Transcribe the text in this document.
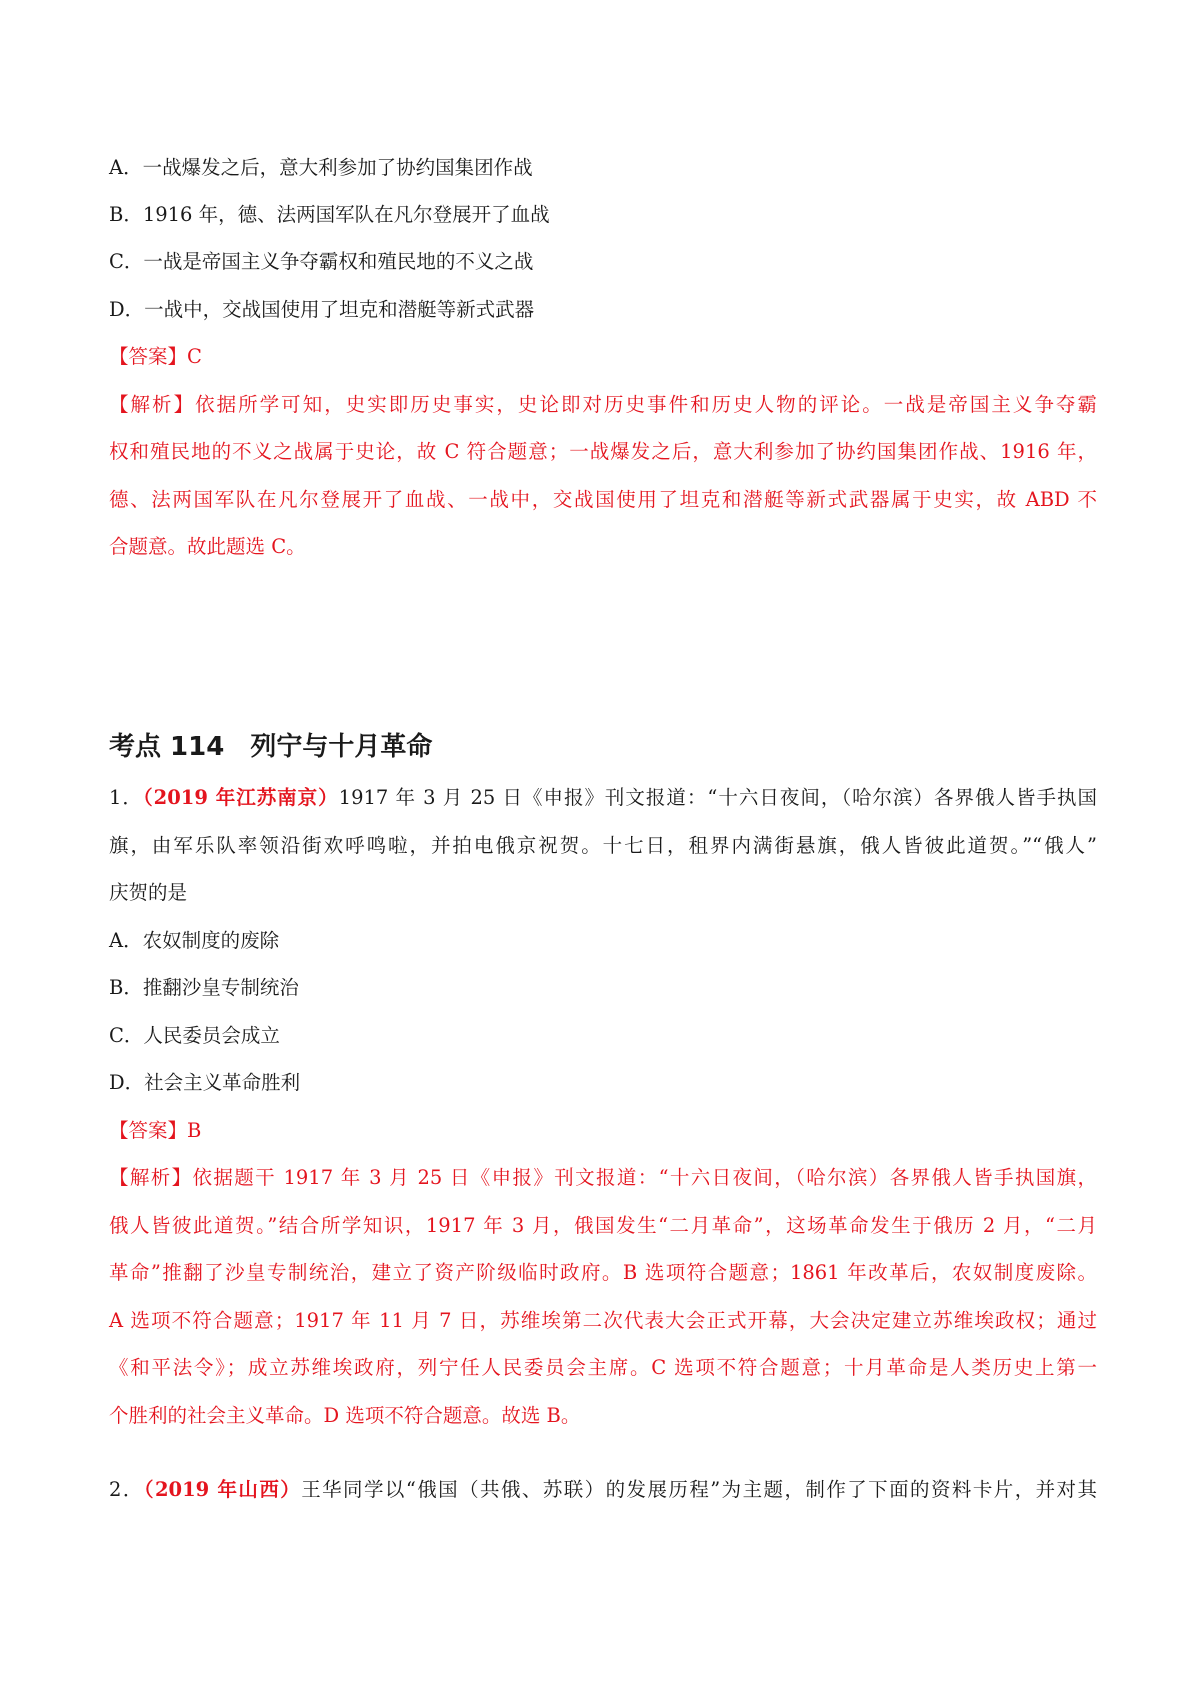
A．一战爆发之后，意大利参加了协约国集团作战
B．1916 年，德、法两国军队在凡尔登展开了血战
C．一战是帝国主义争夺霸权和殖民地的不义之战
D．一战中，交战国使用了坦克和潜艇等新式武器
【答案】C
【解析】依据所学可知，史实即历史事实，史论即对历史事件和历史人物的评论。一战是帝国主义争夺霸
权和殖民地的不义之战属于史论，故 C 符合题意；一战爆发之后，意大利参加了协约国集团作战、1916 年，
德、法两国军队在凡尔登展开了血战、一战中，交战国使用了坦克和潜艇等新式武器属于史实，故 ABD 不
合题意。故此题选 C。
考点 114 列宁与十月革命
1．（2019 年江苏南京）1917 年 3 月 25 日《申报》刊文报道：“十六日夜间，（哈尔滨）各界俄人皆手执国
旗，由军乐队率领沿街欢呼鸣啦，并拍电俄京祝贺。十七日，租界内满街悬旗，俄人皆彼此道贺。”“俄人”
庆贺的是
A．农奴制度的废除
B．推翻沙皇专制统治
C．人民委员会成立
D．社会主义革命胜利
【答案】B
【解析】依据题干 1917 年 3 月 25 日《申报》刊文报道：“十六日夜间，（哈尔滨）各界俄人皆手执国旗，
俄人皆彼此道贺。”结合所学知识，1917 年 3 月，俄国发生“二月革命”，这场革命发生于俄历 2 月，“二月
革命”推翻了沙皇专制统治，建立了资产阶级临时政府。B 选项符合题意；1861 年改革后，农奴制度废除。
A 选项不符合题意；1917 年 11 月 7 日，苏维埃第二次代表大会正式开幕，大会决定建立苏维埃政权；通过
《和平法令》；成立苏维埃政府，列宁任人民委员会主席。C 选项不符合题意；十月革命是人类历史上第一
个胜利的社会主义革命。D 选项不符合题意。故选 B。
2．（2019 年山西）王华同学以“俄国（共俄、苏联）的发展历程”为主题，制作了下面的资料卡片，并对其
